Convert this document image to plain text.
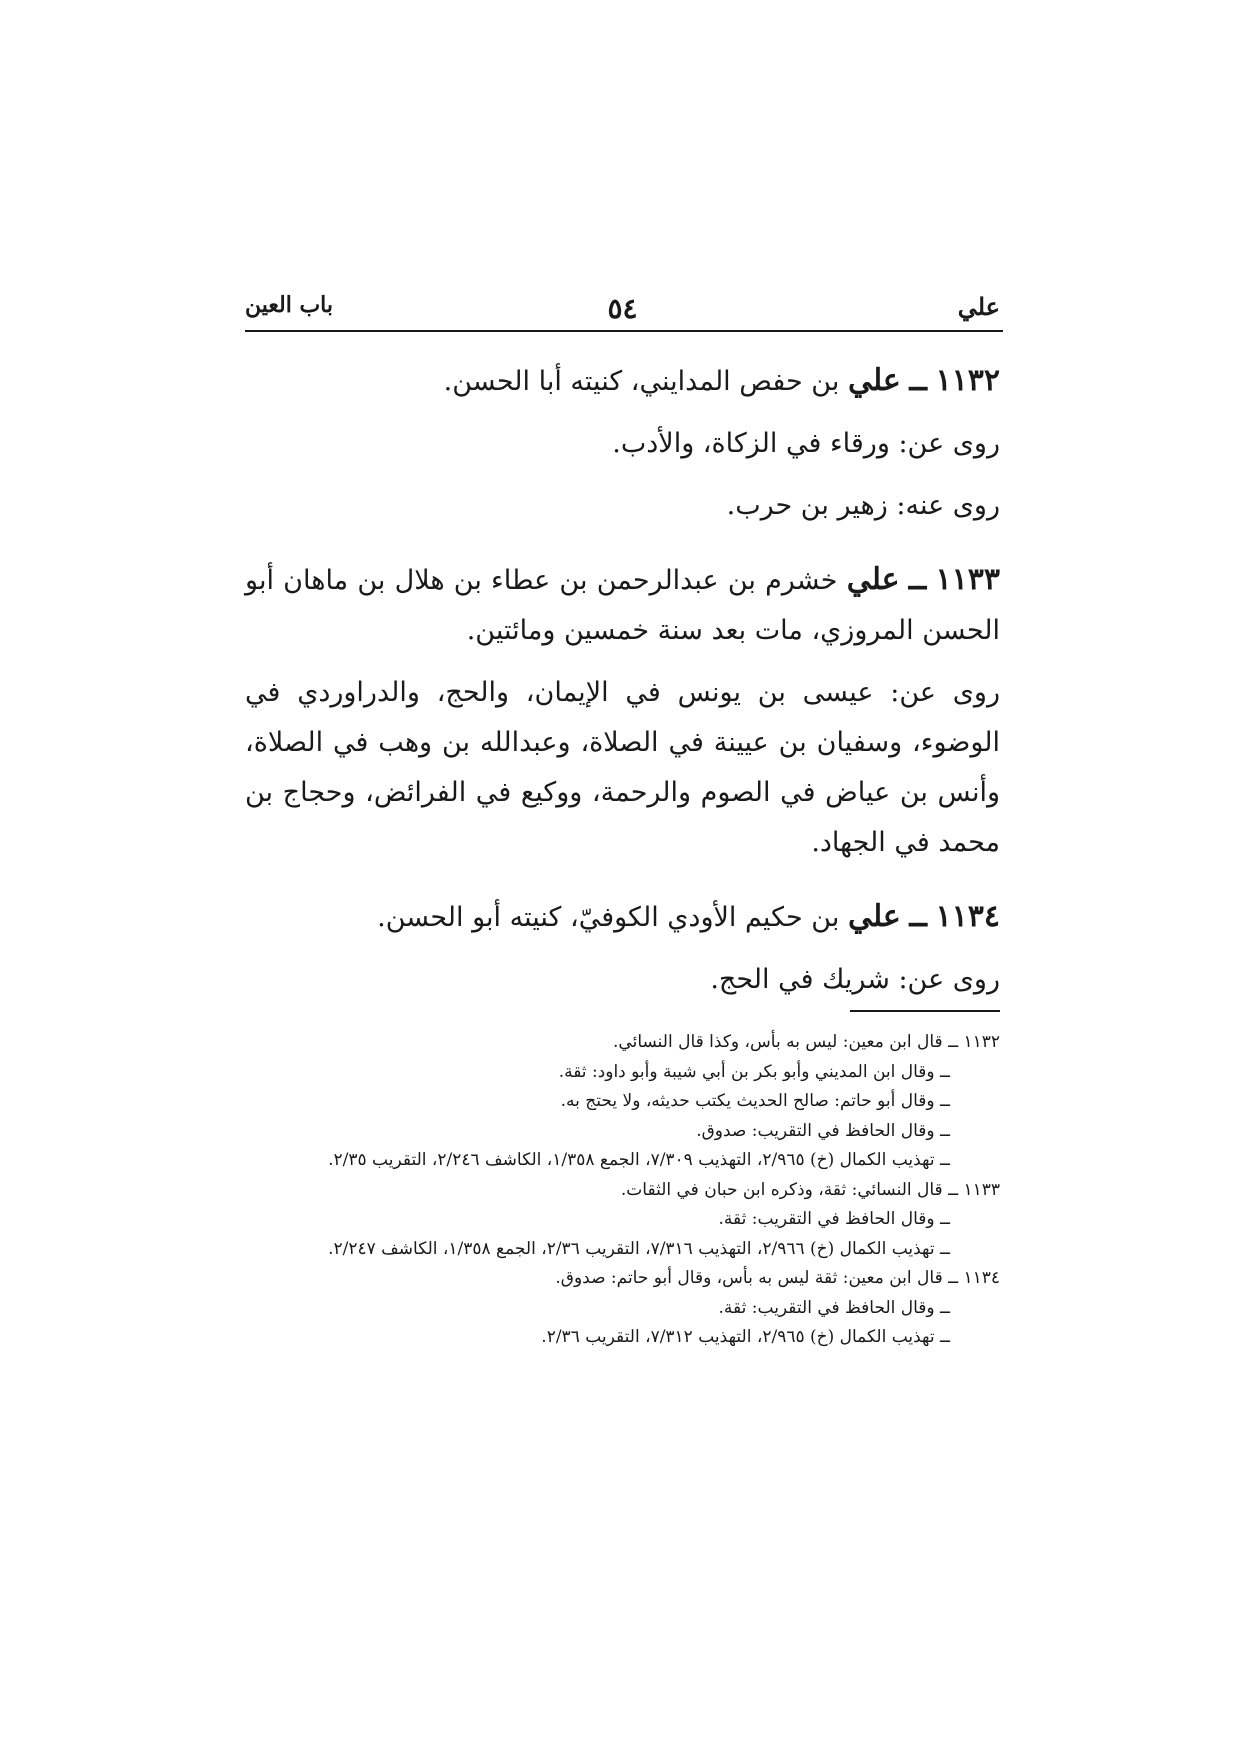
علي
٥٤
باب العين

١١٣٢ ــ علي بن حفص المدايني، كنيته أبا الحسن.

روى عن: ورقاء في الزكاة، والأدب.

روى عنه: زهير بن حرب.

١١٣٣ ــ علي خشرم بن عبدالرحمن بن عطاء بن هلال بن ماهان أبو الحسن المروزي، مات بعد سنة خمسين ومائتين.

روى عن: عيسى بن يونس في الإيمان، والحج، والدراوردي في الوضوء، وسفيان بن عيينة في الصلاة، وعبدالله بن وهب في الصلاة، وأنس بن عياض في الصوم والرحمة، ووكيع في الفرائض، وحجاج بن محمد في الجهاد.

١١٣٤ ــ علي بن حكيم الأودي الكوفيّ، كنيته أبو الحسن.

روى عن: شريك في الحج.

١١٣٢ ــ قال ابن معين: ليس به بأس، وكذا قال النسائي.

ــ وقال ابن المديني وأبو بكر بن أبي شيبة وأبو داود: ثقة.

ــ وقال أبو حاتم: صالح الحديث يكتب حديثه، ولا يحتج به.

ــ وقال الحافظ في التقريب: صدوق.

ــ تهذيب الكمال (خ) ٢/٩٦٥، التهذيب ٧/٣٠٩، الجمع ١/٣٥٨، الكاشف ٢/٢٤٦، التقريب ٢/٣٥.

١١٣٣ ــ قال النسائي: ثقة، وذكره ابن حبان في الثقات.

ــ وقال الحافظ في التقريب: ثقة.

ــ تهذيب الكمال (خ) ٢/٩٦٦، التهذيب ٧/٣١٦، التقريب ٢/٣٦، الجمع ١/٣٥٨، الكاشف ٢/٢٤٧.

١١٣٤ ــ قال ابن معين: ثقة ليس به بأس، وقال أبو حاتم: صدوق.

ــ وقال الحافظ في التقريب: ثقة.

ــ تهذيب الكمال (خ) ٢/٩٦٥، التهذيب ٧/٣١٢، التقريب ٢/٣٦.
